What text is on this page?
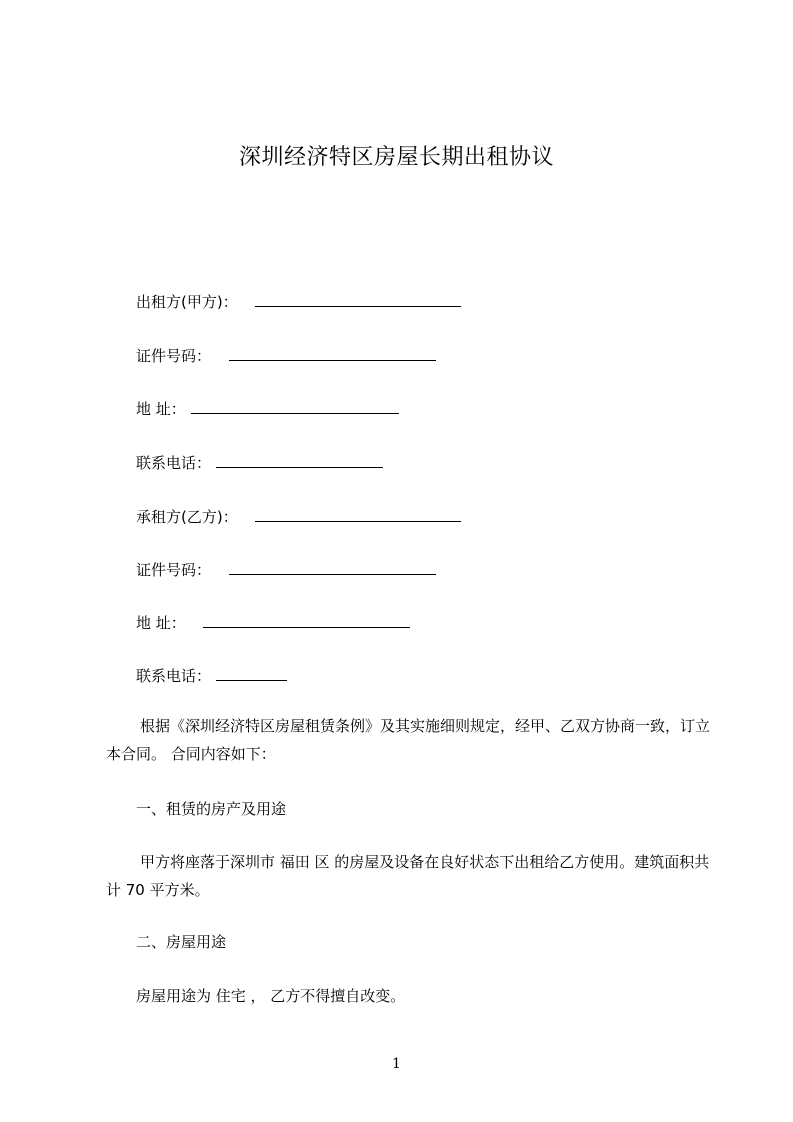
深圳经济特区房屋长期出租协议
出租方(甲方)：
证件号码：
地 址：
联系电话：
承租方(乙方)：
证件号码：
地 址：
联系电话：
根据《深圳经济特区房屋租赁条例》及其实施细则规定，经甲、乙双方协商一致，订立本合同。 合同内容如下：
一、租赁的房产及用途
甲方将座落于深圳市 福田 区 的房屋及设备在良好状态下出租给乙方使用。建筑面积共计 70 平方米。
二、房屋用途
房屋用途为 住宅 ， 乙方不得擅自改变。
1
